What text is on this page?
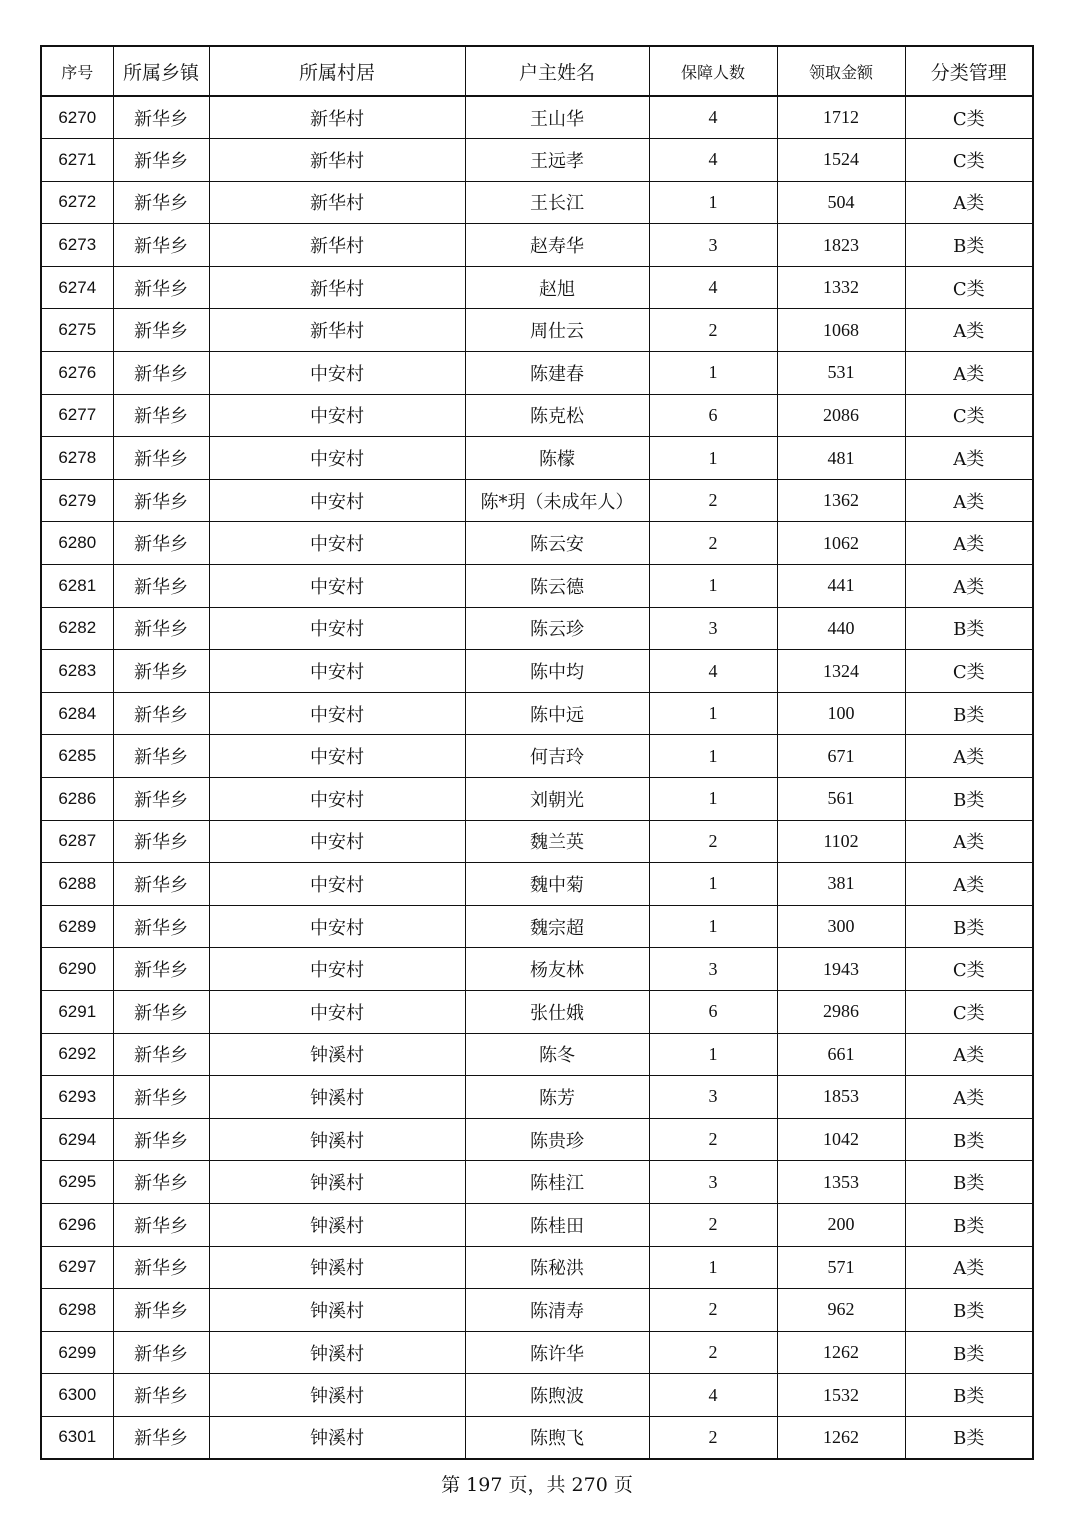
序号	所属乡镇	所属村居	户主姓名	保障人数	领取金额	分类管理
6270	新华乡	新华村	王山华	4	1712	C类
6271	新华乡	新华村	王远孝	4	1524	C类
6272	新华乡	新华村	王长江	1	504	A类
6273	新华乡	新华村	赵寿华	3	1823	B类
6274	新华乡	新华村	赵旭	4	1332	C类
6275	新华乡	新华村	周仕云	2	1068	A类
6276	新华乡	中安村	陈建春	1	531	A类
6277	新华乡	中安村	陈克松	6	2086	C类
6278	新华乡	中安村	陈檬	1	481	A类
6279	新华乡	中安村	陈*玥（未成年人）	2	1362	A类
6280	新华乡	中安村	陈云安	2	1062	A类
6281	新华乡	中安村	陈云德	1	441	A类
6282	新华乡	中安村	陈云珍	3	440	B类
6283	新华乡	中安村	陈中均	4	1324	C类
6284	新华乡	中安村	陈中远	1	100	B类
6285	新华乡	中安村	何吉玲	1	671	A类
6286	新华乡	中安村	刘朝光	1	561	B类
6287	新华乡	中安村	魏兰英	2	1102	A类
6288	新华乡	中安村	魏中菊	1	381	A类
6289	新华乡	中安村	魏宗超	1	300	B类
6290	新华乡	中安村	杨友林	3	1943	C类
6291	新华乡	中安村	张仕娥	6	2986	C类
6292	新华乡	钟溪村	陈冬	1	661	A类
6293	新华乡	钟溪村	陈芳	3	1853	A类
6294	新华乡	钟溪村	陈贵珍	2	1042	B类
6295	新华乡	钟溪村	陈桂江	3	1353	B类
6296	新华乡	钟溪村	陈桂田	2	200	B类
6297	新华乡	钟溪村	陈秘洪	1	571	A类
6298	新华乡	钟溪村	陈清寿	2	962	B类
6299	新华乡	钟溪村	陈许华	2	1262	B类
6300	新华乡	钟溪村	陈煦波	4	1532	B类
6301	新华乡	钟溪村	陈煦飞	2	1262	B类
第 197 页，共 270 页
